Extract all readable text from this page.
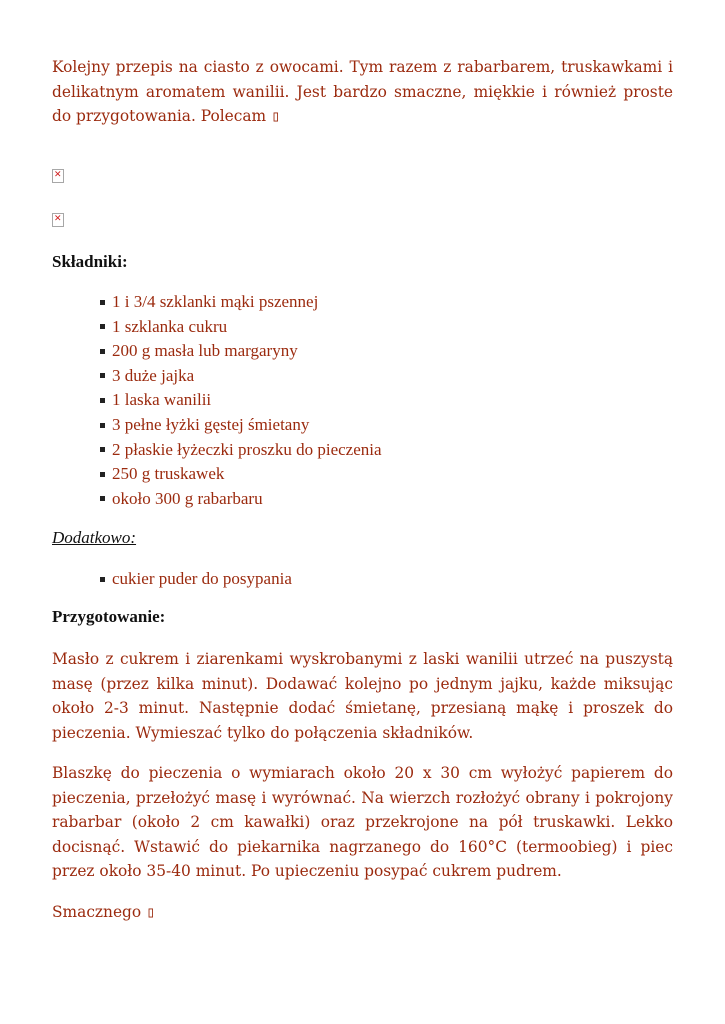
Kolejny przepis na ciasto z owocami. Tym razem z rabarbarem, truskawkami i delikatnym aromatem wanilii. Jest bardzo smaczne, miękkie i również proste do przygotowania. Polecam ▯

✕
✕
Składniki:
1 i 3/4 szklanki mąki pszennej
1 szklanka cukru
200 g masła lub margaryny
3 duże jajka
1 laska wanilii
3 pełne łyżki gęstej śmietany
2 płaskie łyżeczki proszku do pieczenia
250 g truskawek
około 300 g rabarbaru
Dodatkowo:
cukier puder do posypania
Przygotowanie:

Masło z cukrem i ziarenkami wyskrobanymi z laski wanilii utrzeć na puszystą masę (przez kilka minut). Dodawać kolejno po jednym jajku, każde miksując około 2-3 minut. Następnie dodać śmietanę, przesianą mąkę i proszek do pieczenia. Wymieszać tylko do połączenia składników.

Blaszkę do pieczenia o wymiarach około 20 x 30 cm wyłożyć papierem do pieczenia, przełożyć masę i wyrównać. Na wierzch rozłożyć obrany i pokrojony rabarbar (około 2 cm kawałki) oraz przekrojone na pół truskawki. Lekko docisnąć. Wstawić do piekarnika nagrzanego do 160°C (termoobieg) i piec przez około 35-40 minut. Po upieczeniu posypać cukrem pudrem.

Smacznego ▯
